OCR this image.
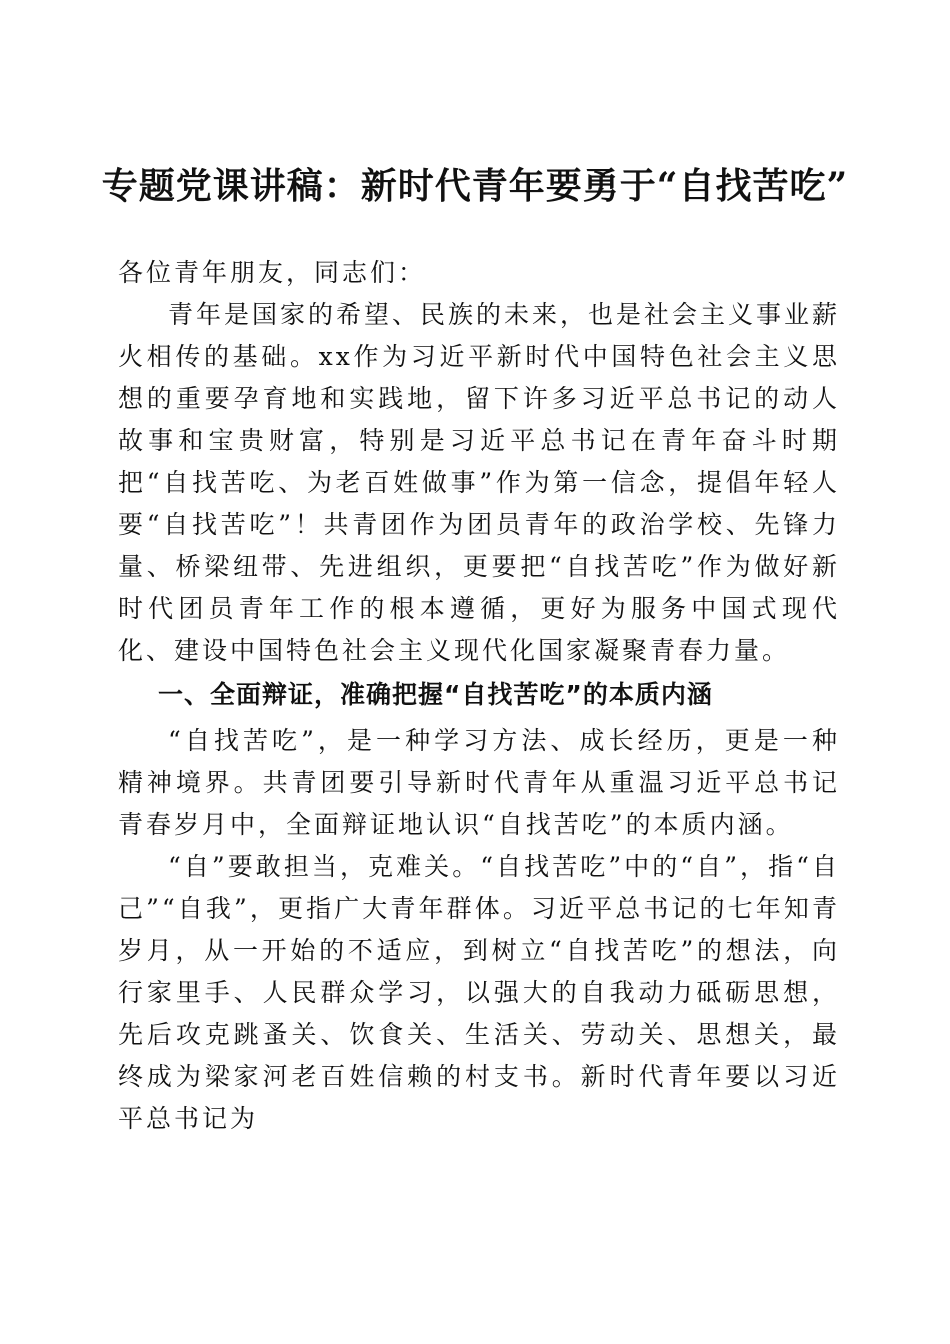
专题党课讲稿：新时代青年要勇于“自找苦吃”

各位青年朋友，同志们：

青年是国家的希望、民族的未来，也是社会主义事业薪火相传的基础。xx作为习近平新时代中国特色社会主义思想的重要孕育地和实践地，留下许多习近平总书记的动人故事和宝贵财富，特别是习近平总书记在青年奋斗时期把“自找苦吃、为老百姓做事”作为第一信念，提倡年轻人要“自找苦吃”！共青团作为团员青年的政治学校、先锋力量、桥梁纽带、先进组织，更要把“自找苦吃”作为做好新时代团员青年工作的根本遵循，更好为服务中国式现代化、建设中国特色社会主义现代化国家凝聚青春力量。

一、全面辩证，准确把握“自找苦吃”的本质内涵

“自找苦吃”，是一种学习方法、成长经历，更是一种精神境界。共青团要引导新时代青年从重温习近平总书记青春岁月中，全面辩证地认识“自找苦吃”的本质内涵。

“自”要敢担当，克难关。“自找苦吃”中的“自”，指“自己”“自我”，更指广大青年群体。习近平总书记的七年知青岁月，从一开始的不适应，到树立“自找苦吃”的想法，向行家里手、人民群众学习，以强大的自我动力砥砺思想，先后攻克跳蚤关、饮食关、生活关、劳动关、思想关，最终成为梁家河老百姓信赖的村支书。新时代青年要以习近平总书记为
